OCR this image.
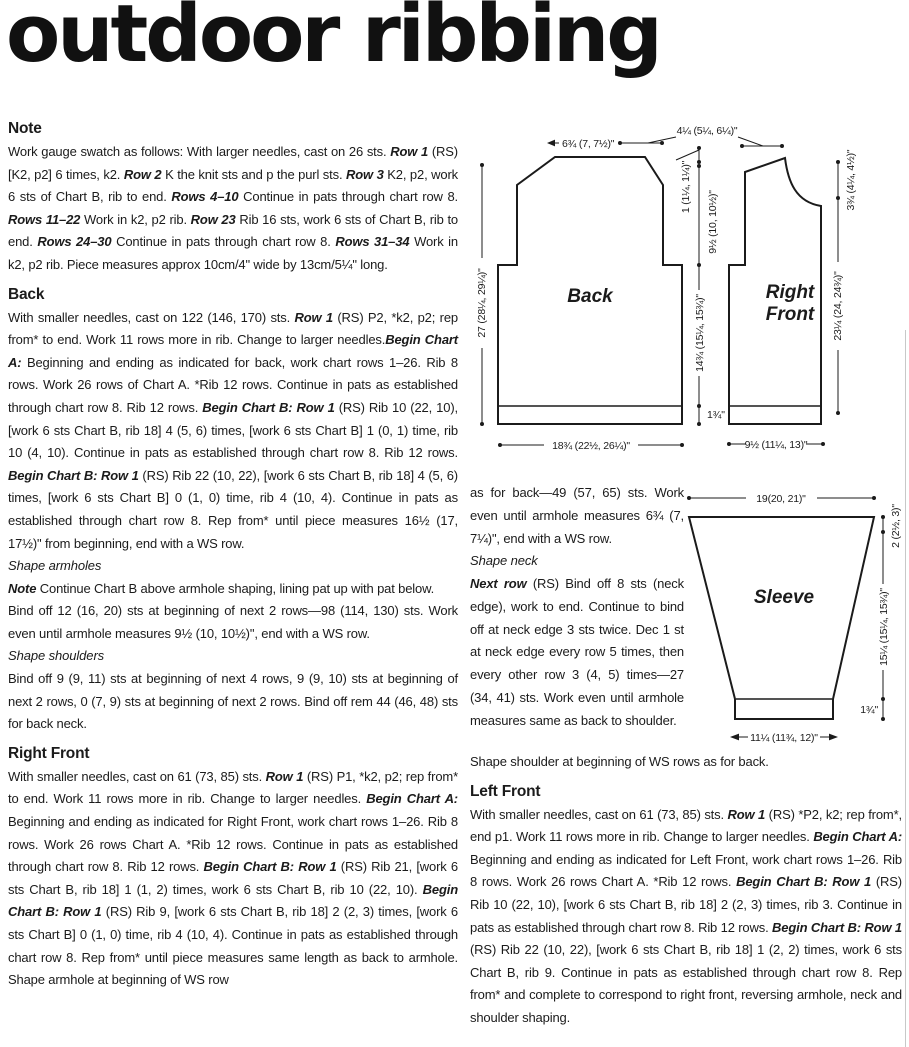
outdoor ribbing
Note

Work gauge swatch as follows: With larger needles, cast on 26 sts. Row 1 (RS) [K2, p2] 6 times, k2. Row 2 K the knit sts and p the purl sts. Row 3 K2, p2, work 6 sts of Chart B, rib to end. Rows 4–10 Continue in pats through chart row 8. Rows 11–22 Work in k2, p2 rib. Row 23 Rib 16 sts, work 6 sts of Chart B, rib to end. Rows 24–30 Continue in pats through chart row 8. Rows 31–34 Work in k2, p2 rib. Piece measures approx 10cm/4" wide by 13cm/5¼" long.

Back

With smaller needles, cast on 122 (146, 170) sts. Row 1 (RS) P2, *k2, p2; rep from* to end. Work 11 rows more in rib. Change to larger needles.Begin Chart A: Beginning and ending as indicated for back, work chart rows 1–26. Rib 8 rows. Work 26 rows of Chart A. *Rib 12 rows. Continue in pats as established through chart row 8. Rib 12 rows. Begin Chart B: Row 1 (RS) Rib 10 (22, 10), [work 6 sts Chart B, rib 18] 4 (5, 6) times, [work 6 sts Chart B] 1 (0, 1) time, rib 10 (4, 10). Continue in pats as established through chart row 8. Rib 12 rows. Begin Chart B: Row 1 (RS) Rib 22 (10, 22), [work 6 sts Chart B, rib 18] 4 (5, 6) times, [work 6 sts Chart B] 0 (1, 0) time, rib 4 (10, 4). Continue in pats as established through chart row 8. Rep from* until piece measures 16½ (17, 17½)" from beginning, end with a WS row.

Shape armholes

Note Continue Chart B above armhole shaping, lining pat up with pat below.

Bind off 12 (16, 20) sts at beginning of next 2 rows—98 (114, 130) sts. Work even until armhole measures 9½ (10, 10½)", end with a WS row.

Shape shoulders

Bind off 9 (9, 11) sts at beginning of next 4 rows, 9 (9, 10) sts at beginning of next 2 rows, 0 (7, 9) sts at beginning of next 2 rows. Bind off rem 44 (46, 48) sts for back neck.

Right Front

With smaller needles, cast on 61 (73, 85) sts. Row 1 (RS) P1, *k2, p2; rep from* to end. Work 11 rows more in rib. Change to larger needles. Begin Chart A: Beginning and ending as indicated for Right Front, work chart rows 1–26. Rib 8 rows. Work 26 rows Chart A. *Rib 12 rows. Continue in pats as established through chart row 8. Rib 12 rows. Begin Chart B: Row 1 (RS) Rib 21, [work 6 sts Chart B, rib 18] 1 (1, 2) times, work 6 sts Chart B, rib 10 (22, 10). Begin Chart B: Row 1 (RS) Rib 9, [work 6 sts Chart B, rib 18] 2 (2, 3) times, [work 6 sts Chart B] 0 (1, 0) time, rib 4 (10, 4). Continue in pats as established through chart row 8. Rep from* until piece measures same length as back to armhole. Shape armhole at beginning of WS row

Back	Right
Front
6¾ (7, 7½)"
4¼ (5¼, 6¼)"
1 (1¼, 1¼)"
9½ (10, 10½)"
14¾ (15¼, 15¾)"
1¾"
27 (28¼, 29¼)"
3¾ (4¼, 4½)"
23¼ (24, 24¾)"
18¾ (22½, 26¼)"	9½ (11¼, 13)"

as for back—49 (57, 65) sts. Work even until armhole measures 6¾ (7, 7¼)", end with a WS row.

Shape neck

Next row (RS) Bind off 8 sts (neck edge), work to end. Continue to bind off at neck edge 3 sts twice. Dec 1 st at neck edge every row 5 times, then every other row 3 (4, 5) times—27 (34, 41) sts. Work even until armhole measures same as back to shoulder.

Sleeve
19(20, 21)"
2 (2½, 3)"
15¼ (15¼, 15¾)"
1¾"
11¼ (11¾, 12)"

Shape shoulder at beginning of WS rows as for back.

Left Front

With smaller needles, cast on 61 (73, 85) sts. Row 1 (RS) *P2, k2; rep from*, end p1. Work 11 rows more in rib. Change to larger needles. Begin Chart A: Beginning and ending as indicated for Left Front, work chart rows 1–26. Rib 8 rows. Work 26 rows Chart A. *Rib 12 rows. Begin Chart B: Row 1 (RS) Rib 10 (22, 10), [work 6 sts Chart B, rib 18] 2 (2, 3) times, rib 3. Continue in pats as established through chart row 8. Rib 12 rows. Begin Chart B: Row 1 (RS) Rib 22 (10, 22), [work 6 sts Chart B, rib 18] 1 (2, 2) times, work 6 sts Chart B, rib 9. Continue in pats as established through chart row 8. Rep from* and complete to correspond to right front, reversing armhole, neck and shoulder shaping.
